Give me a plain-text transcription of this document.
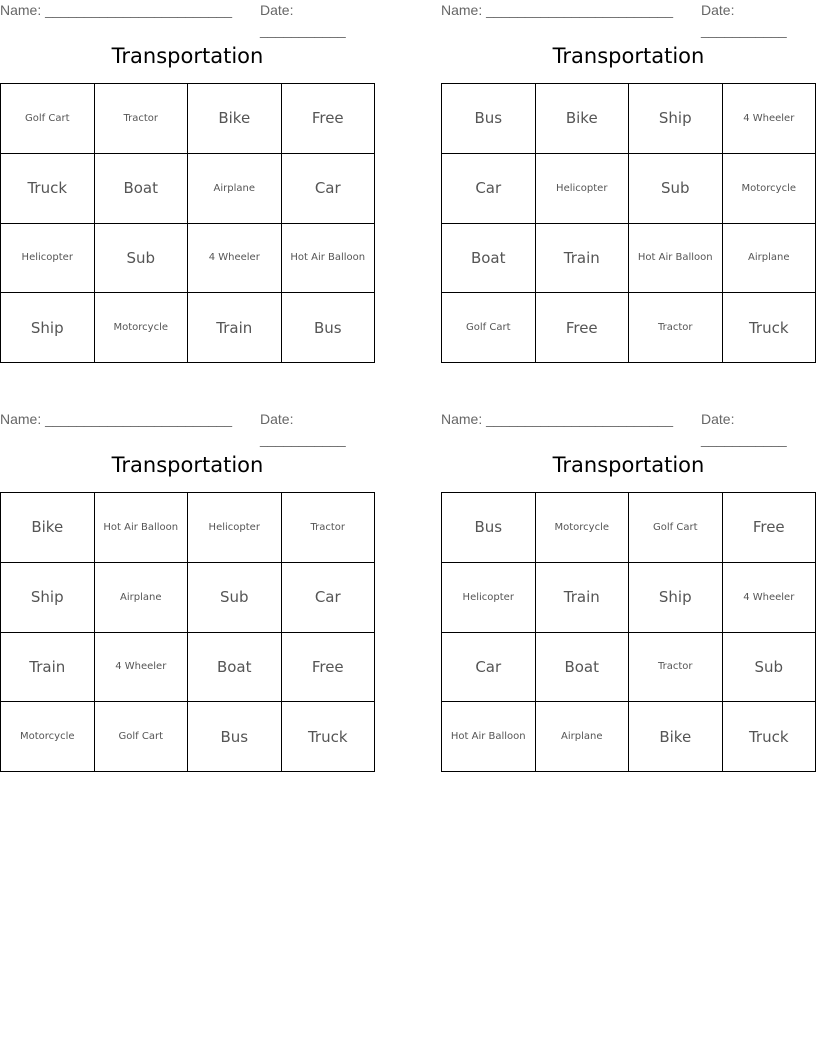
Name: ________________________ Date: ___________
Transportation
Golf Cart	Tractor	Bike	Free
Truck	Boat	Airplane	Car
Helicopter	Sub	4 Wheeler	Hot Air Balloon
Ship	Motorcycle	Train	Bus
Name: ________________________ Date: ___________
Transportation
Bus	Bike	Ship	4 Wheeler
Car	Helicopter	Sub	Motorcycle
Boat	Train	Hot Air Balloon	Airplane
Golf Cart	Free	Tractor	Truck
Name: ________________________ Date: ___________
Transportation
Bike	Hot Air Balloon	Helicopter	Tractor
Ship	Airplane	Sub	Car
Train	4 Wheeler	Boat	Free
Motorcycle	Golf Cart	Bus	Truck
Name: ________________________ Date: ___________
Transportation
Bus	Motorcycle	Golf Cart	Free
Helicopter	Train	Ship	4 Wheeler
Car	Boat	Tractor	Sub
Hot Air Balloon	Airplane	Bike	Truck
